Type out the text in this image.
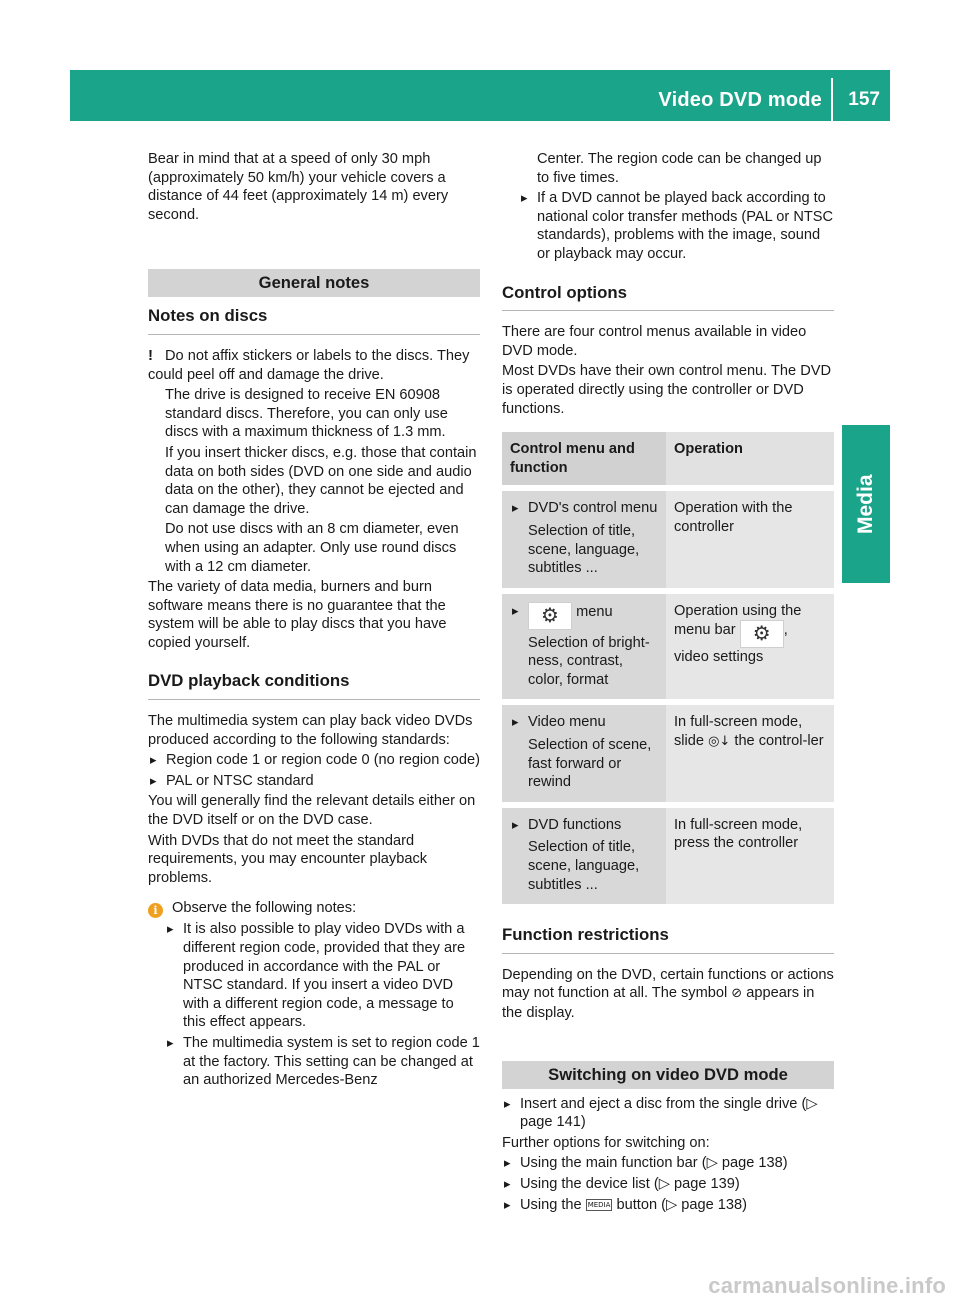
Video DVD mode 157
Media

Bear in mind that at a speed of only 30 mph (approximately 50 km/h) your vehicle covers a distance of 44 feet (approximately 14 m) every second.

General notes
Notes on discs

! Do not affix stickers or labels to the discs. They could peel off and damage the drive.

The drive is designed to receive EN 60908 standard discs. Therefore, you can only use discs with a maximum thickness of 1.3 mm.

If you insert thicker discs, e.g. those that contain data on both sides (DVD on one side and audio data on the other), they cannot be ejected and can damage the drive.

Do not use discs with an 8 cm diameter, even when using an adapter. Only use round discs with a 12 cm diameter.

The variety of data media, burners and burn software means there is no guarantee that the system will be able to play discs that you have copied yourself.

DVD playback conditions

The multimedia system can play back video DVDs produced according to the following standards:

▸ Region code 1 or region code 0 (no region code)
▸ PAL or NTSC standard

You will generally find the relevant details either on the DVD itself or on the DVD case.

With DVDs that do not meet the standard requirements, you may encounter playback problems.

i Observe the following notes:

▸ It is also possible to play video DVDs with a different region code, provided that they are produced in accordance with the PAL or NTSC standard. If you insert a video DVD with a different region code, a message to this effect appears.
▸ The multimedia system is set to region code 1 at the factory. This setting can be changed at an authorized Mercedes-Benz

Center. The region code can be changed up to five times.

▸ If a DVD cannot be played back according to national color transfer methods (PAL or NTSC standards), problems with the image, sound or playback may occur.
Control options

There are four control menus available in video DVD mode.

Most DVDs have their own control menu. The DVD is operated directly using the controller or DVD functions.

Control menu and function	Operation

▸ DVD's control menu
Selection of title, scene, language, subtitles ...	Operation with the controller

▸ ⚙ menu
Selection of bright-ness, contrast, color, format	Operation using the menu bar ⚙ , video settings

▸ Video menu
Selection of scene, fast forward or rewind	In full-screen mode, slide ◎↓ the control-ler

▸ DVD functions
Selection of title, scene, language, subtitles ...	In full-screen mode, press the controller
Function restrictions

Depending on the DVD, certain functions or actions may not function at all. The symbol ⊘ appears in the display.

Switching on video DVD mode
▸ Insert and eject a disc from the single drive (▷ page 141)

Further options for switching on:

▸ Using the main function bar (▷ page 138)
▸ Using the device list (▷ page 139)
▸ Using the MEDIA button (▷ page 138)
carmanualsonline.info
